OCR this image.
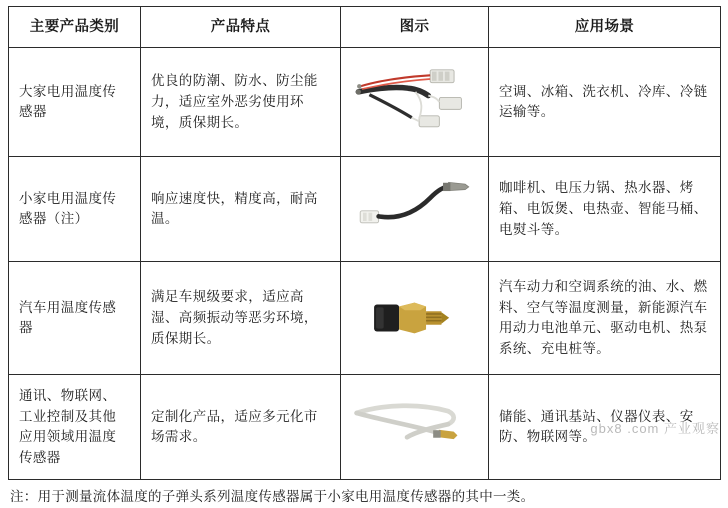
主要产品类别	产品特点	图示	应用场景
大家电用温度传感器	优良的防潮、防水、防尘能力，适应室外恶劣使用环境，质保期长。		空调、冰箱、洗衣机、冷库、冷链运输等。
小家电用温度传感器（注）	响应速度快，精度高，耐高温。		咖啡机、电压力锅、热水器、烤箱、电饭煲、电热壶、智能马桶、电熨斗等。
汽车用温度传感器	满足车规级要求，适应高湿、高频振动等恶劣环境，质保期长。		汽车动力和空调系统的油、水、燃料、空气等温度测量，新能源汽车用动力电池单元、驱动电机、热泵系统、充电桩等。
通讯、物联网、工业控制及其他应用领域用温度传感器	定制化产品，适应多元化市场需求。		储能、通讯基站、仪器仪表、安防、物联网等。
注：用于测量流体温度的子弹头系列温度传感器属于小家电用温度传感器的其中一类。
gbx8 .com 产业观察
